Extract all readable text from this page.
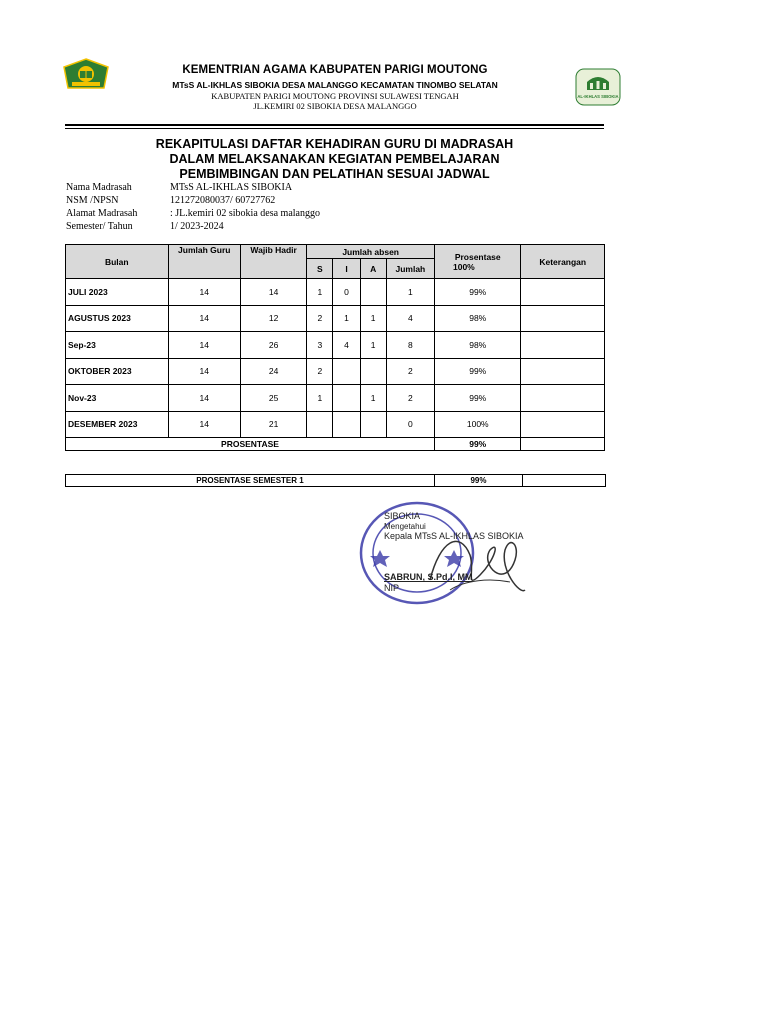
AL-IKHLAS SIBOKIA
KEMENTRIAN AGAMA KABUPATEN PARIGI MOUTONG
MTsS AL-IKHLAS SIBOKIA DESA MALANGGO KECAMATAN TINOMBO SELATAN
KABUPATEN PARIGI MOUTONG PROVINSI SULAWESI TENGAH
JL.KEMIRI 02 SIBOKIA DESA MALANGGO
REKAPITULASI DAFTAR KEHADIRAN GURU DI MADRASAH
DALAM MELAKSANAKAN KEGIATAN PEMBELAJARAN
PEMBIMBINGAN DAN PELATIHAN SESUAI JADWAL
Nama Madrasah	MTsS AL-IKHLAS SIBOKIA
NSM /NPSN	121272080037/ 60727762
Alamat Madrasah	: JL.kemiri 02 sibokia desa malanggo
Semester/ Tahun	1/ 2023-2024
Bulan	Jumlah Guru	Wajib Hadir	Jumlah absen				Prosentase
100%	Keterangan
			S	I	A	Jumlah		
JULI 2023	14	14	1	0		1	99%	
AGUSTUS 2023	14	12	2	1	1	4	98%	
Sep-23	14	26	3	4	1	8	98%	
OKTOBER 2023	14	24	2			2	99%	
Nov-23	14	25	1		1	2	99%	
DESEMBER 2023	14	21				0	100%	
PROSENTASE							99%	
PROSENTASE SEMESTER 1	99%	
SIBOKIA
Mengetahui
Kepala MTsS AL-IKHLAS SIBOKIA
SABRUN, S.Pd.I, MM
NIP
